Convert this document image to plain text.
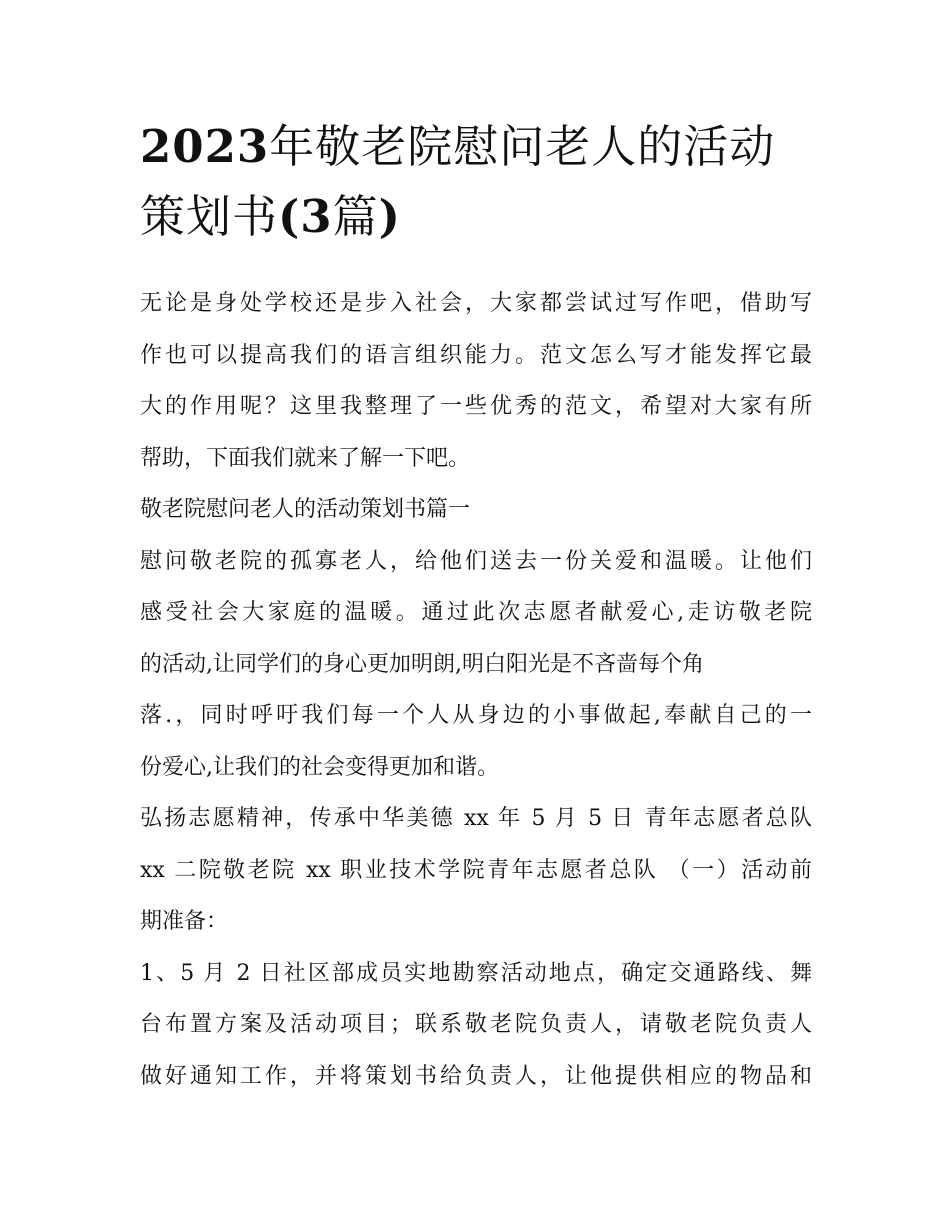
2023年敬老院慰问老人的活动
策划书(3篇)

无论是身处学校还是步入社会，大家都尝试过写作吧，借助写
作也可以提高我们的语言组织能力。范文怎么写才能发挥它最
大的作用呢？这里我整理了一些优秀的范文，希望对大家有所
帮助，下面我们就来了解一下吧。

敬老院慰问老人的活动策划书篇一

慰问敬老院的孤寡老人，给他们送去一份关爱和温暖。让他们
感受社会大家庭的温暖。通过此次志愿者献爱心,走访敬老院
的活动,让同学们的身心更加明朗,明白阳光是不吝啬每个角
落.，同时呼吁我们每一个人从身边的小事做起,奉献自己的一
份爱心,让我们的社会变得更加和谐。

弘扬志愿精神，传承中华美德 xx 年 5 月 5 日 青年志愿者总队
xx 二院敬老院 xx 职业技术学院青年志愿者总队 （一）活动前
期准备：

1、5 月 2 日社区部成员实地勘察活动地点，确定交通路线、舞
台布置方案及活动项目；联系敬老院负责人，请敬老院负责人
做好通知工作，并将策划书给负责人，让他提供相应的物品和
